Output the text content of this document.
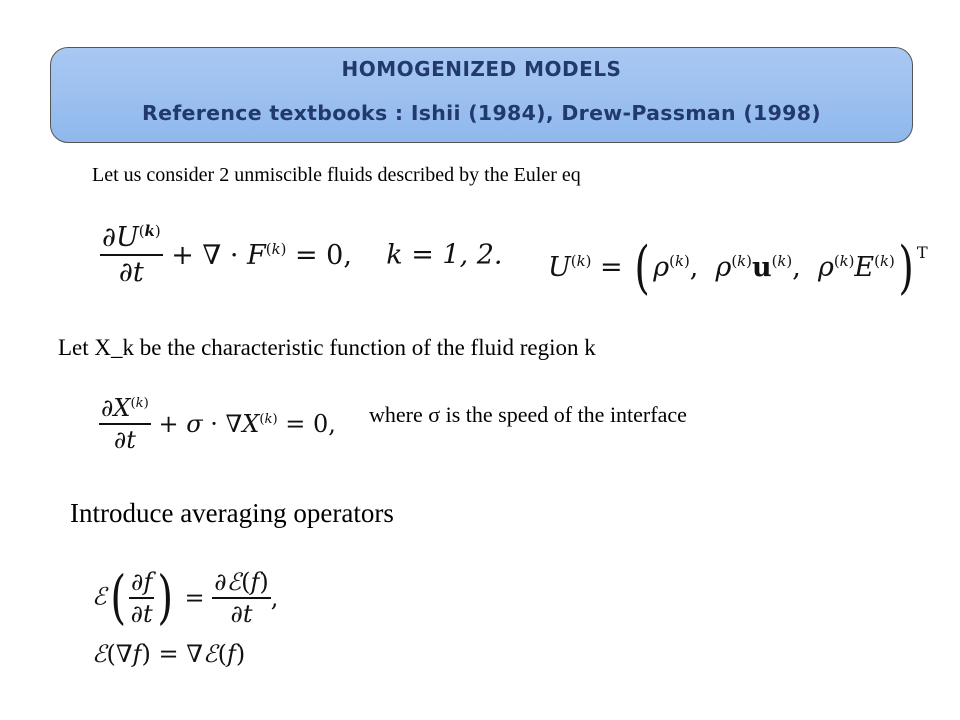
HOMOGENIZED MODELS
Reference textbooks : Ishii (1984), Drew-Passman (1998)
Let us consider 2 unmiscible fluids described by the Euler eq
$\frac{\partial U^{(k)}}{\partial t}$ + ∇ · $F^{(k)} = 0$,    k = 1, 2. $U^{(k)}$ = ( $\rho^{(k)}$,  $\rho^{(k)}u^{(k)}$,  $\rho^{(k)}E^{(k)}$) $^T$
Let X_k be the characteristic function of the fluid region k
$\frac{\partial X^{(k)}}{\partial t} + \sigma \cdot \nabla X^{(k)} = 0$, where σ is the speed of the interface
Introduce averaging operators
ℰ( $\frac{\partial f}{\partial t}$ ) = $\frac{\text{∂ℰ(f)}}{\partial t}$ ,
ℰ(∇f) = ∇ℰ(f)
